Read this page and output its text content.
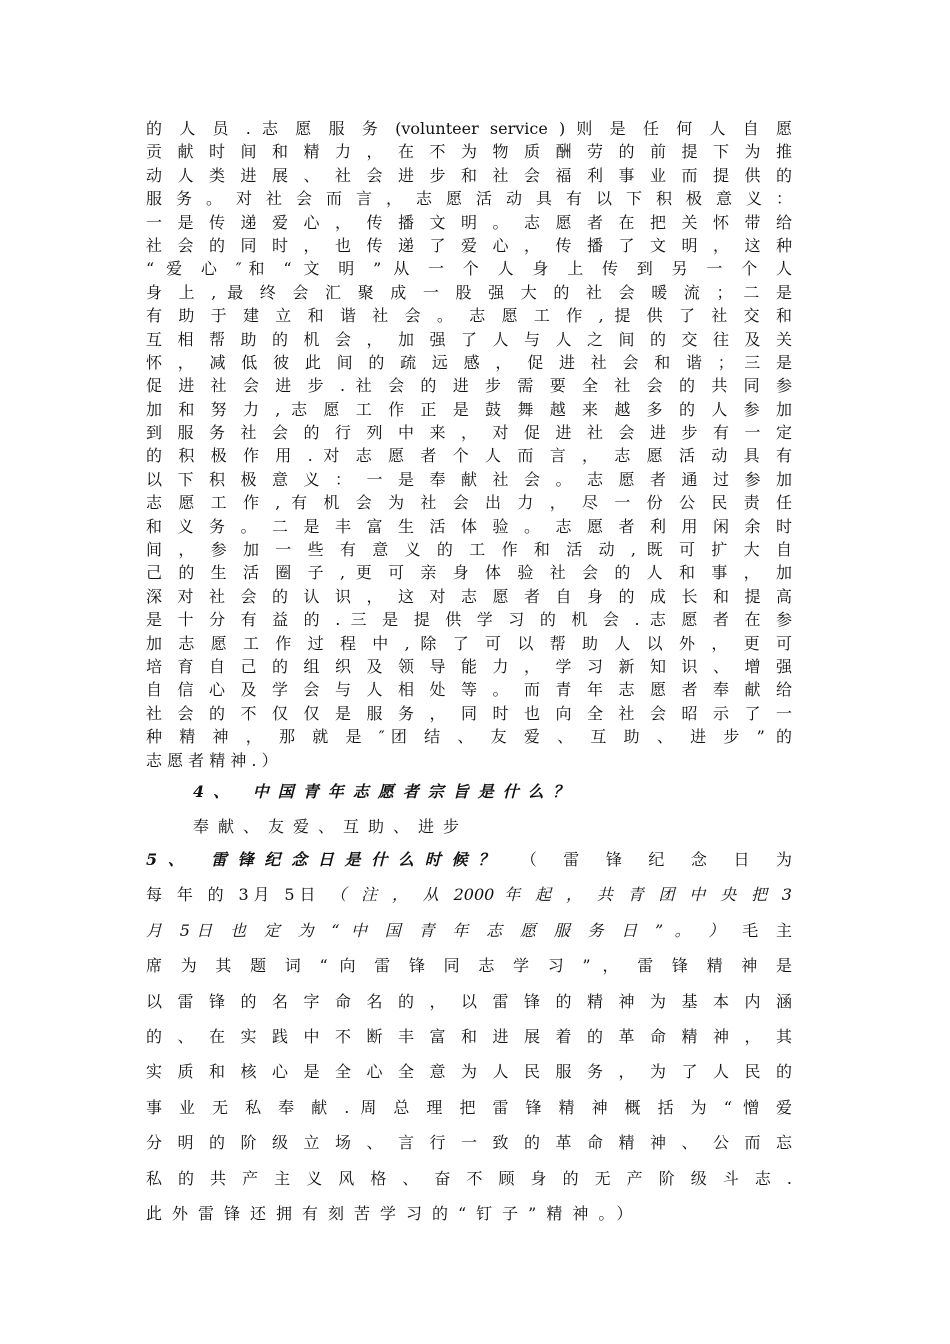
的 人 员 . 志 愿 服 务 (volunteer service ) 则 是 任 何 人 自 愿
贡 献 时 间 和 精 力 ， 在 不 为 物 质 酬 劳 的 前 提 下 为 推
动 人 类 进 展 、 社 会 进 步 和 社 会 福 利 事 业 而 提 供 的
服 务 。 对 社 会 而 言 ， 志 愿 活 动 具 有 以 下 积 极 意 义 ：
一 是 传 递 爱 心 ， 传 播 文 明 。 志 愿 者 在 把 关 怀 带 给
社 会 的 同 时 ， 也 传 递 了 爱 心 ， 传 播 了 文 明 ， 这 种
“ 爱 心 ″和 “ 文 明 ” 从 一 个 人 身 上 传 到 另 一 个 人
身 上 , 最 终 会 汇 聚 成 一 股 强 大 的 社 会 暖 流 ； 二 是
有 助 于 建 立 和 谐 社 会 。 志 愿 工 作 , 提 供 了 社 交 和
互 相 帮 助 的 机 会 ， 加 强 了 人 与 人 之 间 的 交 往 及 关
怀 ， 减 低 彼 此 间 的 疏 远 感 ， 促 进 社 会 和 谐 ； 三 是
促 进 社 会 进 步 . 社 会 的 进 步 需 要 全 社 会 的 共 同 参
加 和 努 力 , 志 愿 工 作 正 是 鼓 舞 越 来 越 多 的 人 参 加
到 服 务 社 会 的 行 列 中 来 ， 对 促 进 社 会 进 步 有 一 定
的 积 极 作 用 . 对 志 愿 者 个 人 而 言 ， 志 愿 活 动 具 有
以 下 积 极 意 义 ： 一 是 奉 献 社 会 。 志 愿 者 通 过 参 加
志 愿 工 作 , 有 机 会 为 社 会 出 力 ， 尽 一 份 公 民 责 任
和 义 务 。 二 是 丰 富 生 活 体 验 。 志 愿 者 利 用 闲 余 时
间 ， 参 加 一 些 有 意 义 的 工 作 和 活 动 , 既 可 扩 大 自
己 的 生 活 圈 子 , 更 可 亲 身 体 验 社 会 的 人 和 事 ， 加
深 对 社 会 的 认 识 ， 这 对 志 愿 者 自 身 的 成 长 和 提 高
是 十 分 有 益 的 . 三 是 提 供 学 习 的 机 会 . 志 愿 者 在 参
加 志 愿 工 作 过 程 中 , 除 了 可 以 帮 助 人 以 外 ， 更 可
培 育 自 己 的 组 织 及 领 导 能 力 ， 学 习 新 知 识 、 增 强
自 信 心 及 学 会 与 人 相 处 等 。 而 青 年 志 愿 者 奉 献 给
社 会 的 不 仅 仅 是 服 务 ， 同 时 也 向 全 社 会 昭 示 了 一
种 精 神 ， 那 就 是 ″团 结 、 友 爱 、 互 助 、 进 步 ” 的
志 愿 者 精 神 . ）
4、 中国青年志愿者宗旨是什么？
奉献、友爱、互助、进步
5、 雷锋纪念日是什么时候？ （ 雷 锋 纪 念 日 为
每 年 的 3月 5日 （ 注 ， 从 2000 年 起 ， 共 青 团 中 央 把 3
月 5日 也 定 为 “ 中 国 青 年 志 愿 服 务 日 ” 。 ） 毛 主
席 为 其 题 词 “ 向 雷 锋 同 志 学 习 ” ， 雷 锋 精 神 是
以 雷 锋 的 名 字 命 名 的 ， 以 雷 锋 的 精 神 为 基 本 内 涵
的 、 在 实 践 中 不 断 丰 富 和 进 展 着 的 革 命 精 神 ， 其
实 质 和 核 心 是 全 心 全 意 为 人 民 服 务 ， 为 了 人 民 的
事 业 无 私 奉 献 . 周 总 理 把 雷 锋 精 神 概 括 为 “ 憎 爱
分 明 的 阶 级 立 场 、 言 行 一 致 的 革 命 精 神 、 公 而 忘
私 的 共 产 主 义 风 格 、 奋 不 顾 身 的 无 产 阶 级 斗 志 .
此外雷锋还拥有刻苦学习的“钉子”精神。）
